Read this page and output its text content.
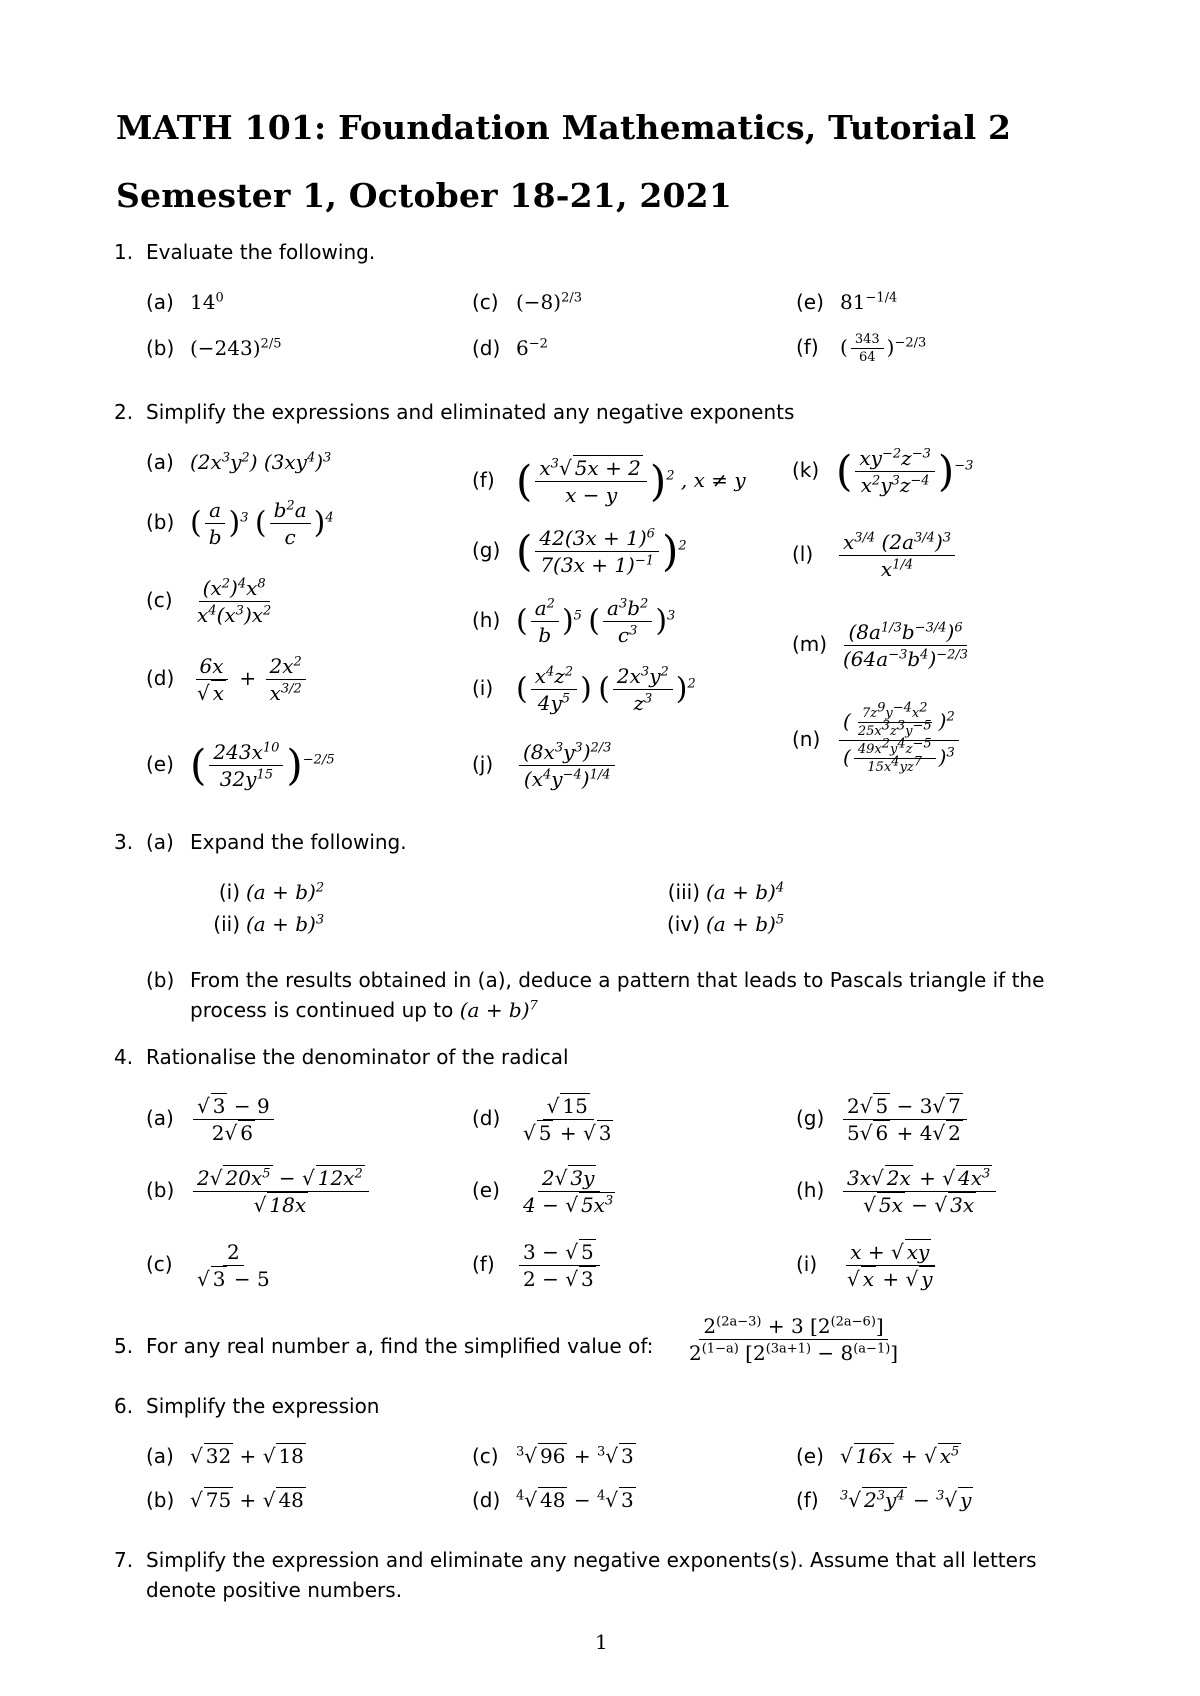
MATH 101: Foundation Mathematics, Tutorial 2
Semester 1, October 18-21, 2021
1. Evaluate the following.
(a) $14^0$
(b) $(-243)^{2/5}$
(c) $(-8)^{2/3}$
(d) $6^{-2}$
(e) $81^{-1/4}$
(f) ( $\frac{343}{64} )^{-2/3}$
2. Simplify the expressions and eliminated any negative exponents
(a) $(2x^3y^2)$ $(3xy^4)^3$
(b) ( $\frac{a}{b} )^3$ ( $\frac{b^2a}{c} )^4$
$(c) \frac{(x^2)^4x^8}{x^4(x^3)x^2}$
$(d) \frac{6x}{√ x} + \frac{2x^2}{x^{3/2}}$
(e) ( $\frac{243x^{10}}{32y^{15}} )^{-2/5}$
(f) ( $\frac{x^3√ 5x + 2}{x - y} )^2$ , x ≠ y
(g) ( $\frac{42(3x + 1)^6}{7(3x + 1)^{-1}} )^2$
(h) ( $\frac{a^2}{b} )^5$ ( $\frac{a^3b^2}{c^3} )^3$
(i) ( $\frac{x^4z^2}{4y^5}$ ) ( $\frac{2x^3y^2}{z^3} )^2$
$(j) \frac{(8x^3y^3)^{2/3}}{(x^4y^{-4})^{1/4}}$
(k) ( $\frac{xy^{-2}z^{-3}}{x^2y^3z^{-4}} )^{-3}$
$(l) \frac{x^{3/4} (2a^{3/4})^3}{x^{1/4}}$
$(m) \frac{(8a^{1/3}b^{-3/4})^6}{(64a^{-3}b^4)^{-2/3}}$
$(n) \frac{( \frac{7z^9y^{-4}x^2}{25x^3z^3y^{-5}} )^2}{( \frac{49x^2y^4z^{-5}}{15x^4yz^7} )^3}$
3. (a) Expand the following.
(i) $(a + b)^2$
(ii) $(a + b)^3$
(iii) $(a + b)^4$
(iv) $(a + b)^5$
(b) From the results obtained in (a), deduce a pattern that leads to Pascals triangle if the
process is continued up to $(a + b)^7$
4. Rationalise the denominator of the radical
$(a) \frac{√ 3 - 9}{2√ 6}$
$(b) \frac{2√ 20x^5 - √ 12x^2}{√ 18x}$
$(c) \frac{2}{√ 3 - 5}$
$(d) \frac{√ 15}{√ 5 + √ 3}$
$(e) \frac{2√ 3y}{4 - √ 5x^3}$
$(f) \frac{3 - √ 5}{2 - √ 3}$
$(g) \frac{2√ 5 - 3√ 7}{5√ 6 + 4√ 2}$
$(h) \frac{3x√ 2x + √ 4x^3}{√ 5x - √ 3x}$
$(i) \frac{x + √ xy}{√ x + √ y}$
5. For any real number a, find the simplified value of: $\frac{2^{(2a-3)} + 3 [2^{(2a-6)}]}{2^{(1-a)} [2^{(3a+1)} - 8^{(a-1)}]}$
6. Simplify the expression
(a) √ 32 + √ 18
(b) √ 75 + √ 48
(c) $^3$√ 96 + $^3$√ 3
(d) $^4$√ 48 − $^4$√ 3
(e) √ 16x + √ $x^5$
(f) $^3$√ $2^3y^4 - ^3√$ y
7. Simplify the expression and eliminate any negative exponents(s). Assume that all letters
denote positive numbers.
1
